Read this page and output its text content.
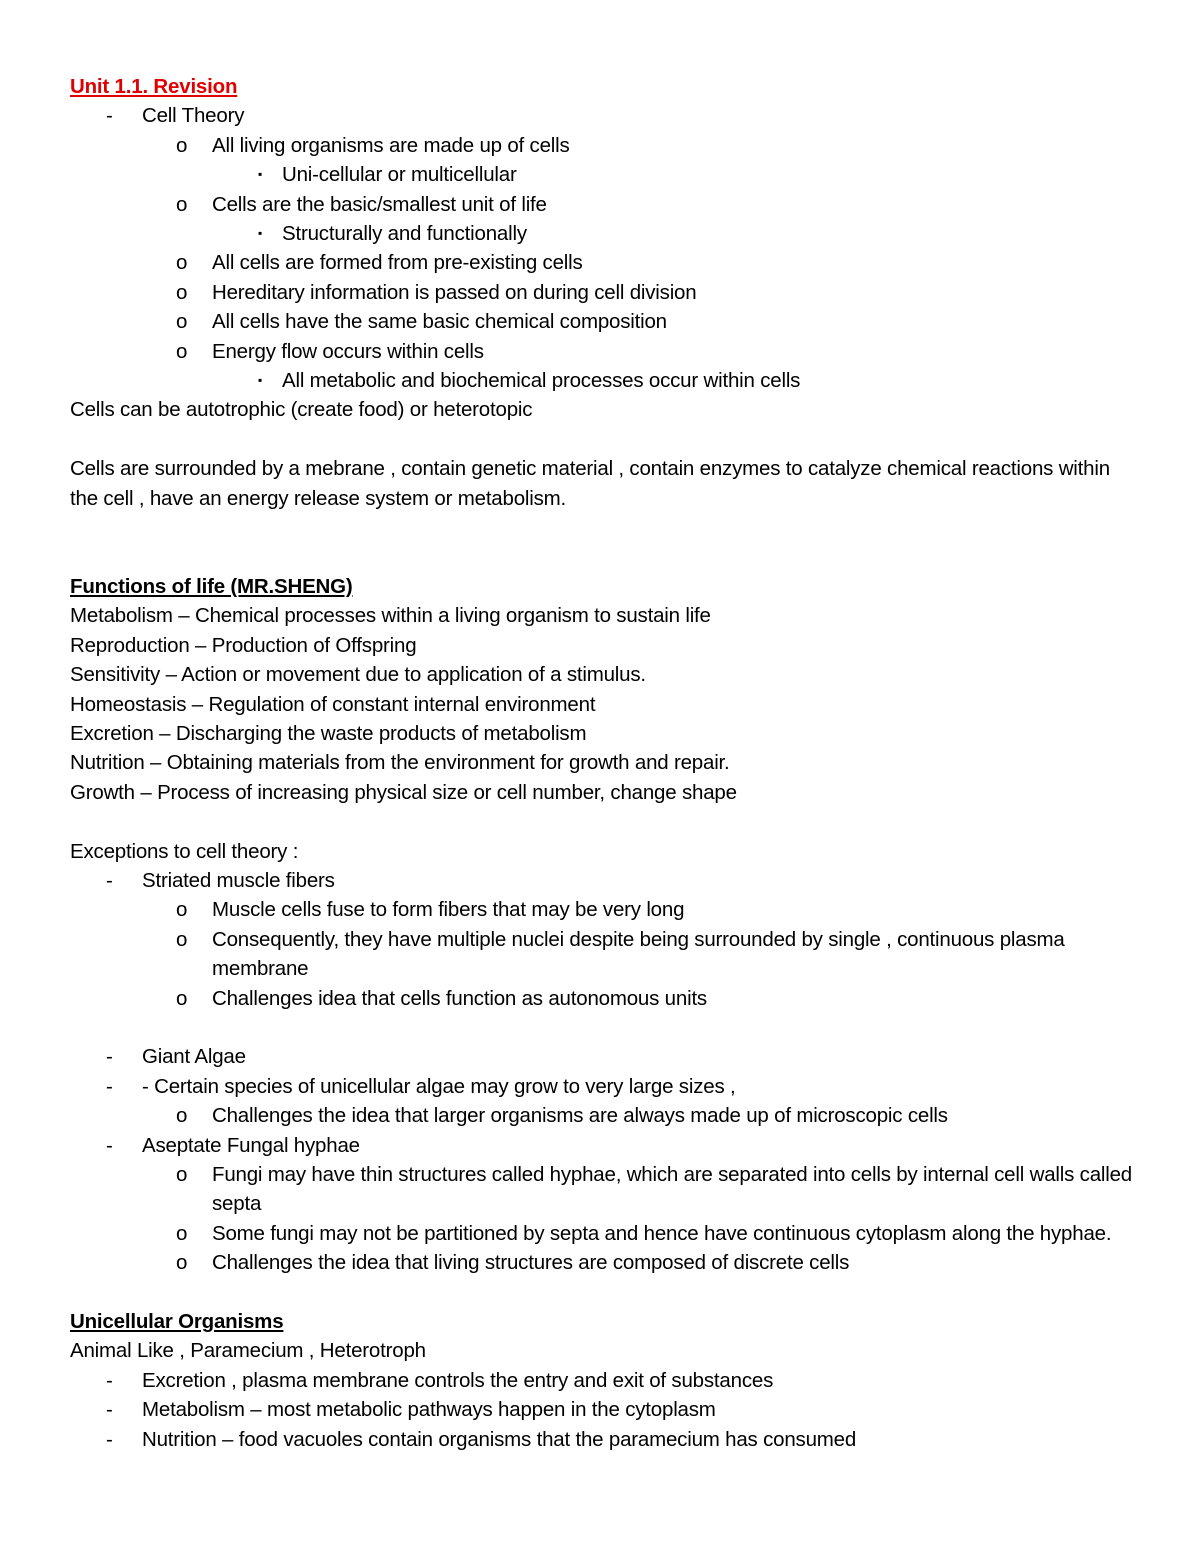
Unit 1.1. Revision
- Cell Theory
o All living organisms are made up of cells
▪ Uni-cellular or multicellular
o Cells are the basic/smallest unit of life
▪ Structurally and functionally
o All cells are formed from pre-existing cells
o Hereditary information is passed on during cell division
o All cells have the same basic chemical composition
o Energy flow occurs within cells
▪ All metabolic and biochemical processes occur within cells
Cells can be autotrophic (create food) or heterotopic
Cells are surrounded by a mebrane , contain genetic material , contain enzymes to catalyze chemical reactions within the cell , have an energy release system or metabolism.
Functions of life (MR.SHENG)
Metabolism – Chemical processes within a living organism to sustain life
Reproduction – Production of Offspring
Sensitivity – Action or movement due to application of a stimulus.
Homeostasis – Regulation of constant internal environment
Excretion – Discharging the waste products of metabolism
Nutrition – Obtaining materials from the environment for growth and repair.
Growth – Process of increasing physical size or cell number, change shape
Exceptions to cell theory :
- Striated muscle fibers
o Muscle cells fuse to form fibers that may be very long
o Consequently, they have multiple nuclei despite being surrounded by single , continuous plasma membrane
o Challenges idea that cells function as autonomous units
- Giant Algae
- - Certain species of unicellular algae may grow to very large sizes ,
o Challenges the idea that larger organisms are always made up of microscopic cells
- Aseptate Fungal hyphae
o Fungi may have thin structures called hyphae, which are separated into cells by internal cell walls called septa
o Some fungi may not be partitioned by septa and hence have continuous cytoplasm along the hyphae.
o Challenges the idea that living structures are composed of discrete cells
Unicellular Organisms
Animal Like , Paramecium , Heterotroph
- Excretion , plasma membrane controls the entry and exit of substances
- Metabolism – most metabolic pathways happen in the cytoplasm
- Nutrition – food vacuoles contain organisms that the paramecium has consumed
